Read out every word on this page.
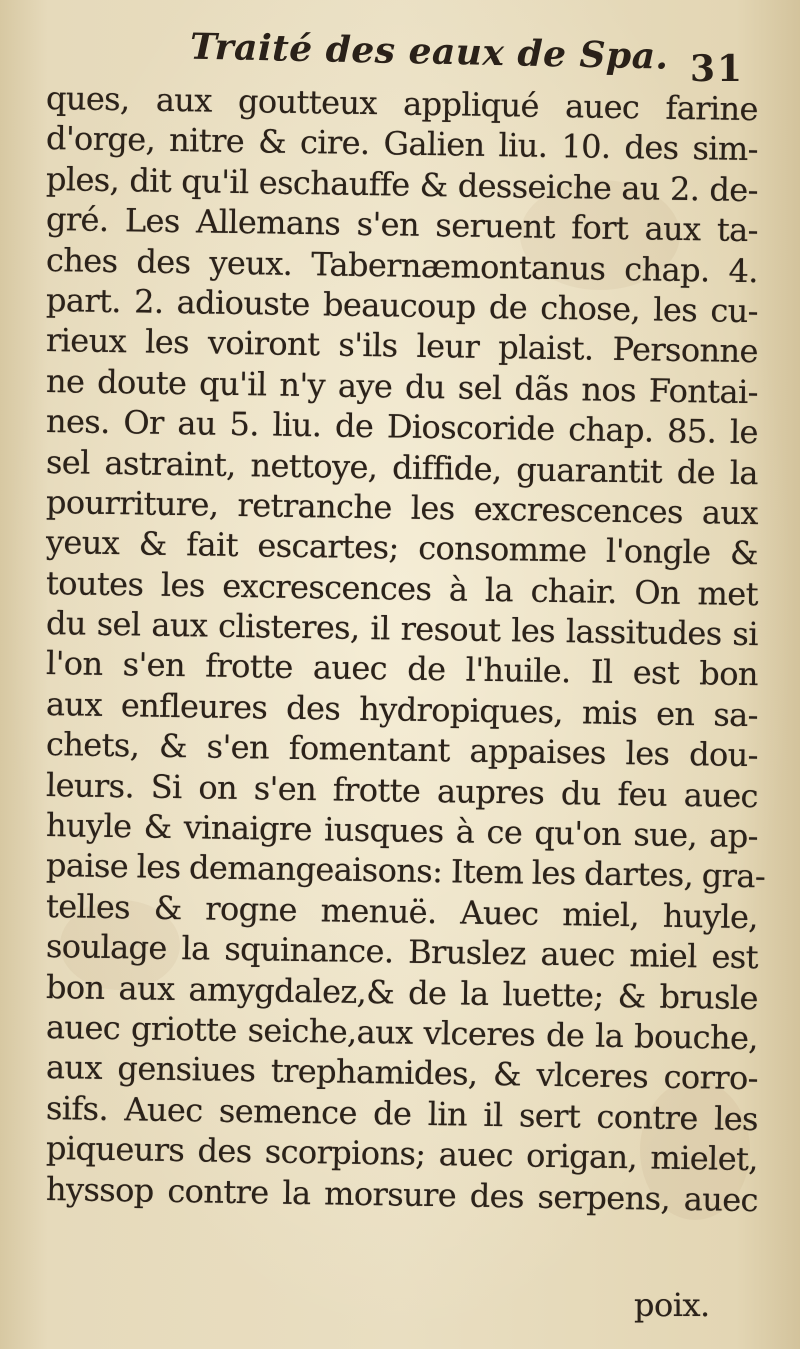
Traité des eaux de Spa. 31
ques, aux goutteux appliqué auec farine
d'orge, nitre & cire. Galien liu. 10. des sim-
ples, dit qu'il eschauffe & desseiche au 2. de-
gré. Les Allemans s'en seruent fort aux ta-
ches des yeux. Tabernæmontanus chap. 4.
part. 2. adiouste beaucoup de chose, les cu-
rieux les voiront s'ils leur plaist. Personne
ne doute qu'il n'y aye du sel dãs nos Fontai-
nes. Or au 5. liu. de Dioscoride chap. 85. le
sel astraint, nettoye, diffide, guarantit de la
pourriture, retranche les excrescences aux
yeux & fait escartes; consomme l'ongle &
toutes les excrescences à la chair. On met
du sel aux clisteres, il resout les lassitudes si
l'on s'en frotte auec de l'huile. Il est bon
aux enfleures des hydropiques, mis en sa-
chets, & s'en fomentant appaises les dou-
leurs. Si on s'en frotte aupres du feu auec
huyle & vinaigre iusques à ce qu'on sue, ap-
paise les demangeaisons: Item les dartes, gra-
telles & rogne menuë. Auec miel, huyle,
soulage la squinance. Bruslez auec miel est
bon aux amygdalez,& de la luette; & brusle
auec griotte seiche,aux vlceres de la bouche,
aux gensiues trephamides, & vlceres corro-
sifs. Auec semence de lin il sert contre les
piqueurs des scorpions; auec origan, mielet,
hyssop contre la morsure des serpens, auec
poix.
